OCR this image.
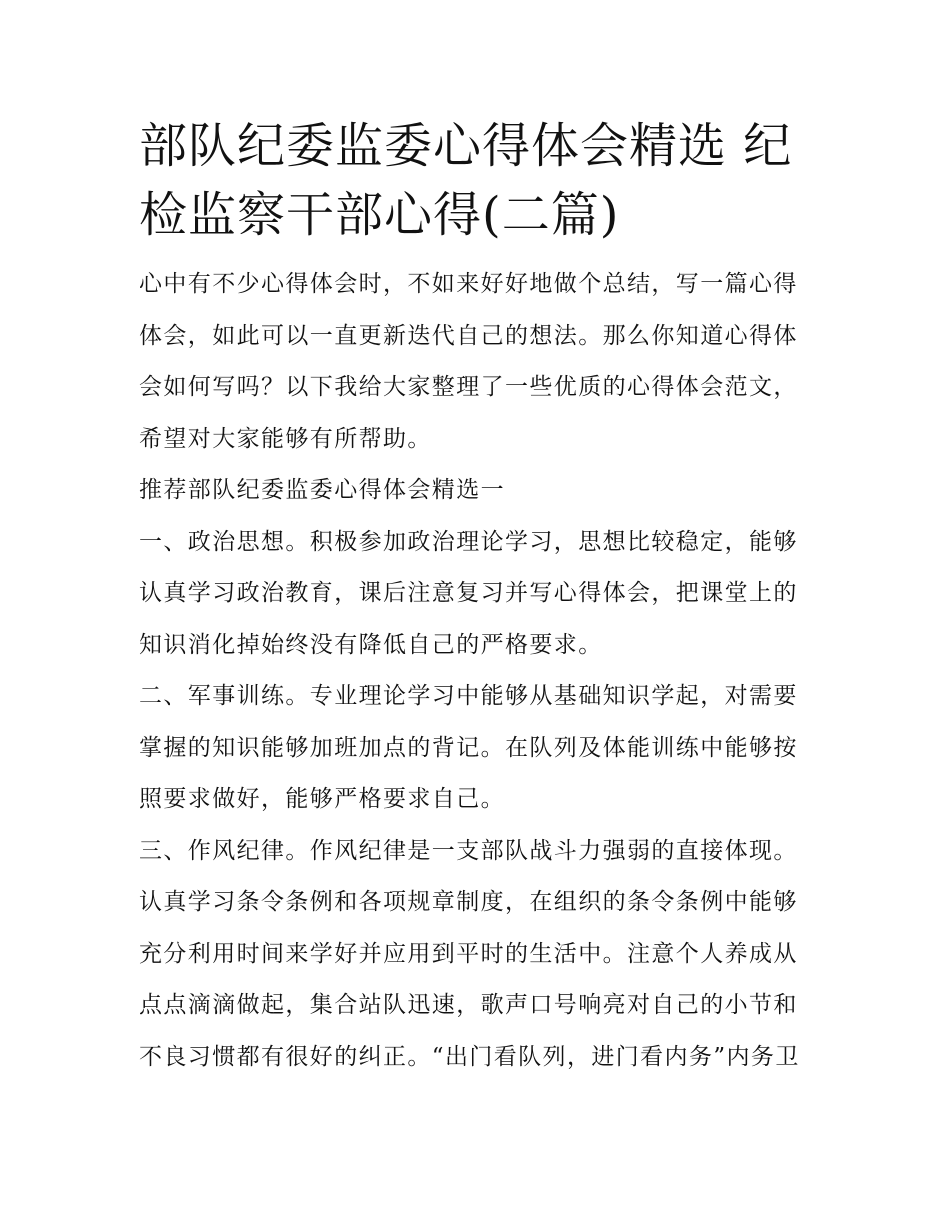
部队纪委监委心得体会精选 纪
检监察干部心得(二篇)
心中有不少心得体会时，不如来好好地做个总结，写一篇心得
体会，如此可以一直更新迭代自己的想法。那么你知道心得体
会如何写吗？以下我给大家整理了一些优质的心得体会范文，
希望对大家能够有所帮助。
推荐部队纪委监委心得体会精选一
一、政治思想。积极参加政治理论学习，思想比较稳定，能够
认真学习政治教育，课后注意复习并写心得体会，把课堂上的
知识消化掉始终没有降低自己的严格要求。
二、军事训练。专业理论学习中能够从基础知识学起，对需要
掌握的知识能够加班加点的背记。在队列及体能训练中能够按
照要求做好，能够严格要求自己。
三、作风纪律。作风纪律是一支部队战斗力强弱的直接体现。
认真学习条令条例和各项规章制度，在组织的条令条例中能够
充分利用时间来学好并应用到平时的生活中。注意个人养成从
点点滴滴做起，集合站队迅速，歌声口号响亮对自己的小节和
不良习惯都有很好的纠正。“出门看队列，进门看内务”内务卫
